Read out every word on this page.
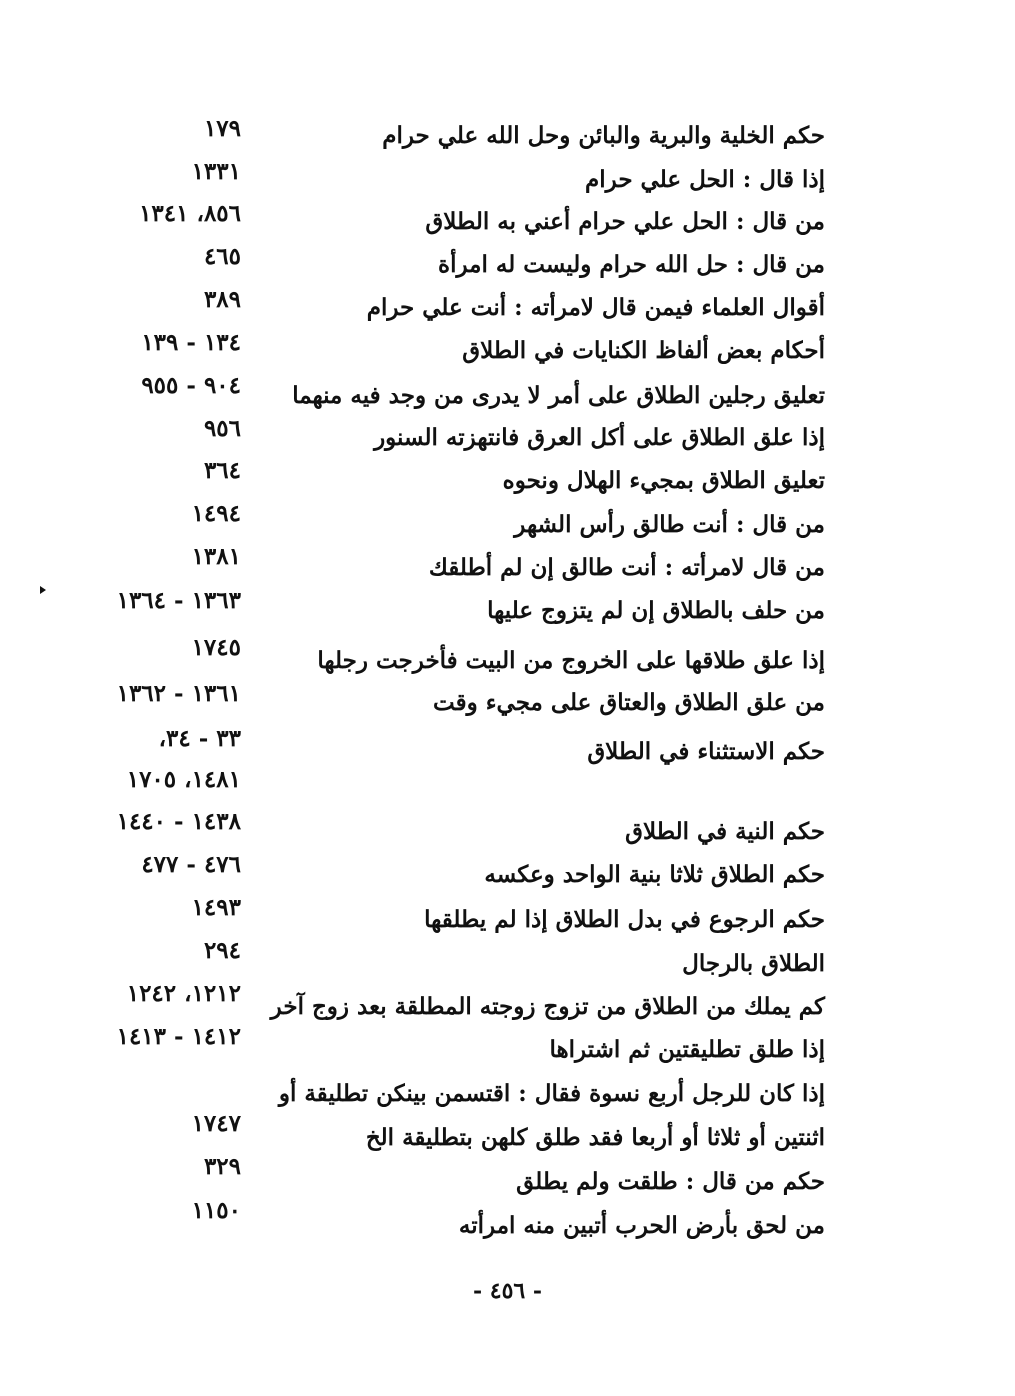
حكم الخلية والبرية والبائن وحل الله علي حرام
إذا قال : الحل علي حرام
من قال : الحل علي حرام أعني به الطلاق
من قال : حل الله حرام وليست له امرأة
أقوال العلماء فيمن قال لامرأته : أنت علي حرام
أحكام بعض ألفاظ الكنايات في الطلاق
تعليق رجلين الطلاق على أمر لا يدرى من وجد فيه منهما
إذا علق الطلاق على أكل العرق فانتهزته السنور
تعليق الطلاق بمجيء الهلال ونحوه
من قال : أنت طالق رأس الشهر
من قال لامرأته : أنت طالق إن لم أطلقك
من حلف بالطلاق إن لم يتزوج عليها
إذا علق طلاقها على الخروج من البيت فأخرجت رجلها
من علق الطلاق والعتاق على مجيء وقت
حكم الاستثناء في الطلاق
حكم النية في الطلاق
حكم الطلاق ثلاثا بنية الواحد وعكسه
حكم الرجوع في بدل الطلاق إذا لم يطلقها
الطلاق بالرجال
كم يملك من الطلاق من تزوج زوجته المطلقة بعد زوج آخر
إذا طلق تطليقتين ثم اشتراها
إذا كان للرجل أربع نسوة فقال : اقتسمن بينكن تطليقة أو
اثنتين أو ثلاثا أو أربعا فقد طلق كلهن بتطليقة الخ
حكم من قال : طلقت ولم يطلق
من لحق بأرض الحرب أتبين منه امرأته
١٧٩
١٣٣١
٨٥٦، ١٣٤١
٤٦٥
٣٨٩
١٣٤ - ١٣٩
٩٠٤ - ٩٥٥
٩٥٦
٣٦٤
١٤٩٤
١٣٨١
١٣٦٣ - ١٣٦٤
١٧٤٥
١٣٦١ - ١٣٦٢
٣٣ - ٣٤،
١٤٨١، ١٧٠٥
١٤٣٨ - ١٤٤٠
٤٧٦ - ٤٧٧
١٤٩٣
٢٩٤
١٢١٢، ١٢٤٢
١٤١٢ - ١٤١٣
١٧٤٧
٣٢٩
١١٥٠
- ٤٥٦ -
